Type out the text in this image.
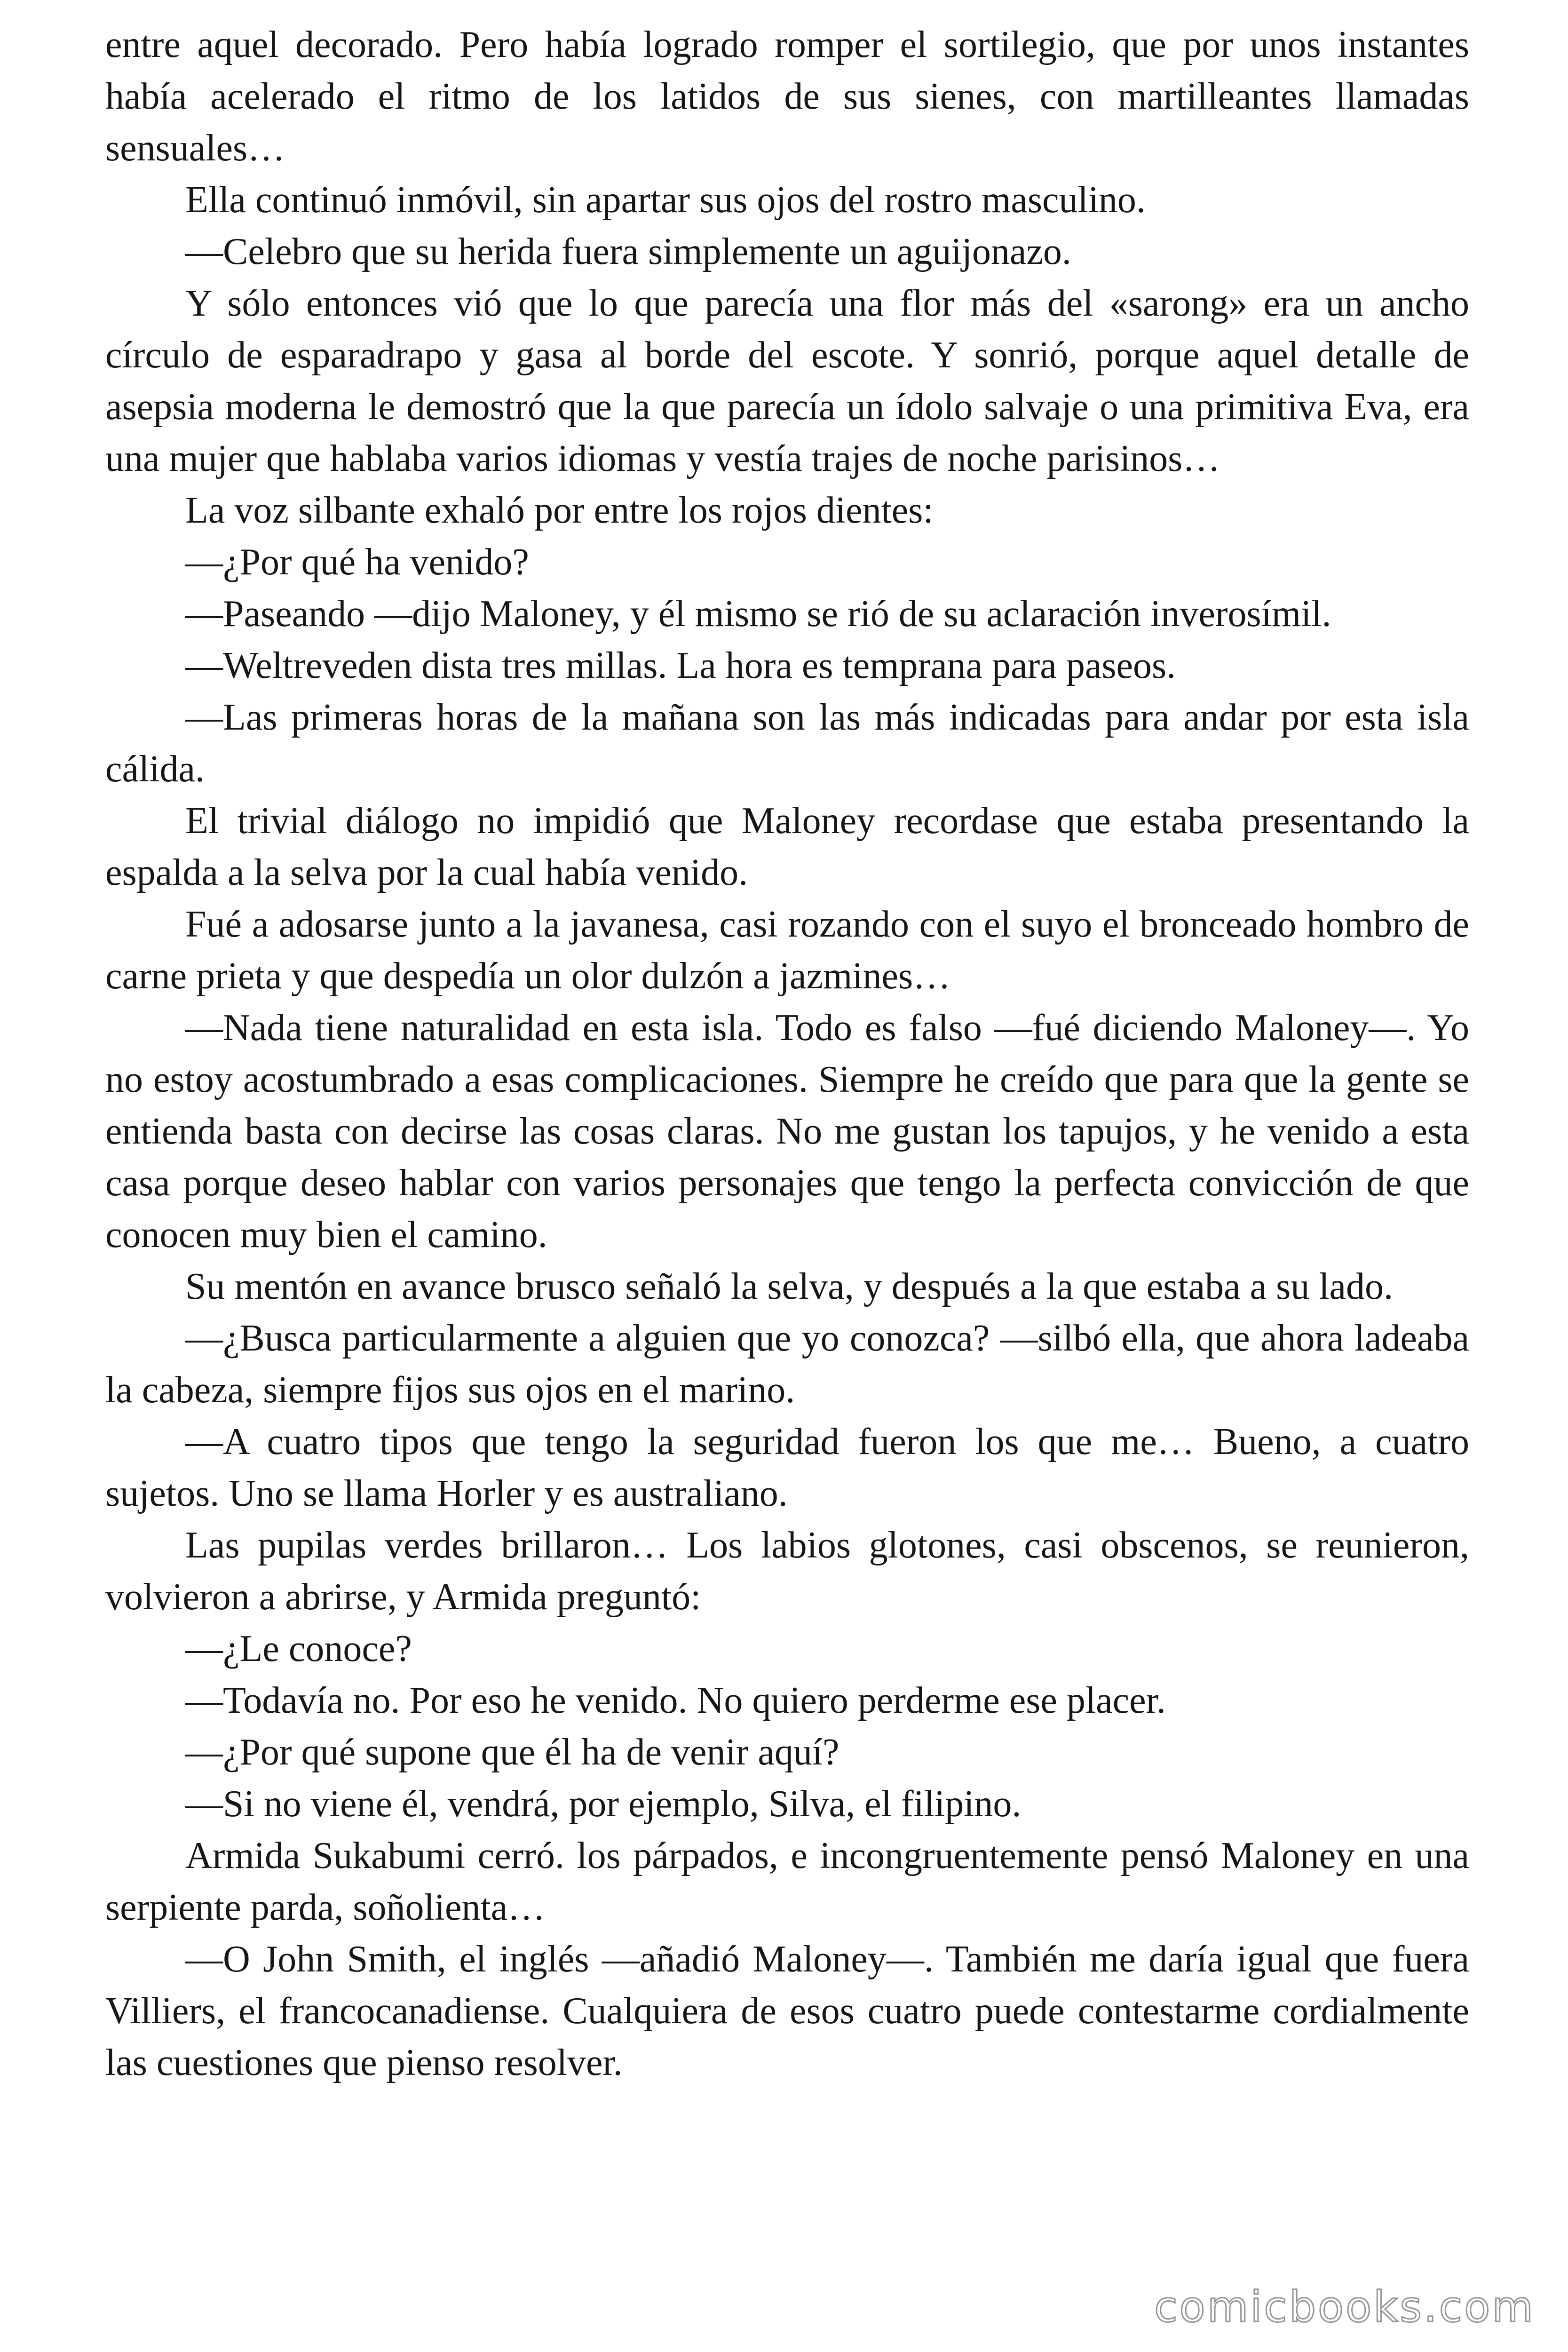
entre aquel decorado. Pero había logrado romper el sortilegio, que por unos instantes había acelerado el ritmo de los latidos de sus sienes, con martilleantes llamadas sensuales…

Ella continuó inmóvil, sin apartar sus ojos del rostro masculino.

—Celebro que su herida fuera simplemente un aguijonazo.

Y sólo entonces vió que lo que parecía una flor más del «sarong» era un ancho círculo de esparadrapo y gasa al borde del escote. Y sonrió, porque aquel detalle de asepsia moderna le demostró que la que parecía un ídolo salvaje o una primitiva Eva, era una mujer que hablaba varios idiomas y vestía trajes de noche parisinos…

La voz silbante exhaló por entre los rojos dientes:

—¿Por qué ha venido?

—Paseando —dijo Maloney, y él mismo se rió de su aclaración inverosímil.

—Weltreveden dista tres millas. La hora es temprana para paseos.

—Las primeras horas de la mañana son las más indicadas para andar por esta isla cálida.

El trivial diálogo no impidió que Maloney recordase que estaba presentando la espalda a la selva por la cual había venido.

Fué a adosarse junto a la javanesa, casi rozando con el suyo el bronceado hombro de carne prieta y que despedía un olor dulzón a jazmines…

—Nada tiene naturalidad en esta isla. Todo es falso —fué diciendo Maloney—. Yo no estoy acostumbrado a esas complicaciones. Siempre he creído que para que la gente se entienda basta con decirse las cosas claras. No me gustan los tapujos, y he venido a esta casa porque deseo hablar con varios personajes que tengo la perfecta convicción de que conocen muy bien el camino.

Su mentón en avance brusco señaló la selva, y después a la que estaba a su lado.

—¿Busca particularmente a alguien que yo conozca? —silbó ella, que ahora ladeaba la cabeza, siempre fijos sus ojos en el marino.

—A cuatro tipos que tengo la seguridad fueron los que me… Bueno, a cuatro sujetos. Uno se llama Horler y es australiano.

Las pupilas verdes brillaron… Los labios glotones, casi obscenos, se reunieron, volvieron a abrirse, y Armida preguntó:

—¿Le conoce?

—Todavía no. Por eso he venido. No quiero perderme ese placer.

—¿Por qué supone que él ha de venir aquí?

—Si no viene él, vendrá, por ejemplo, Silva, el filipino.

Armida Sukabumi cerró. los párpados, e incongruentemente pensó Maloney en una serpiente parda, soñolienta…

—O John Smith, el inglés —añadió Maloney—. También me daría igual que fuera Villiers, el francocanadiense. Cualquiera de esos cuatro puede contestarme cordialmente las cuestiones que pienso resolver.

comicbooks.com
